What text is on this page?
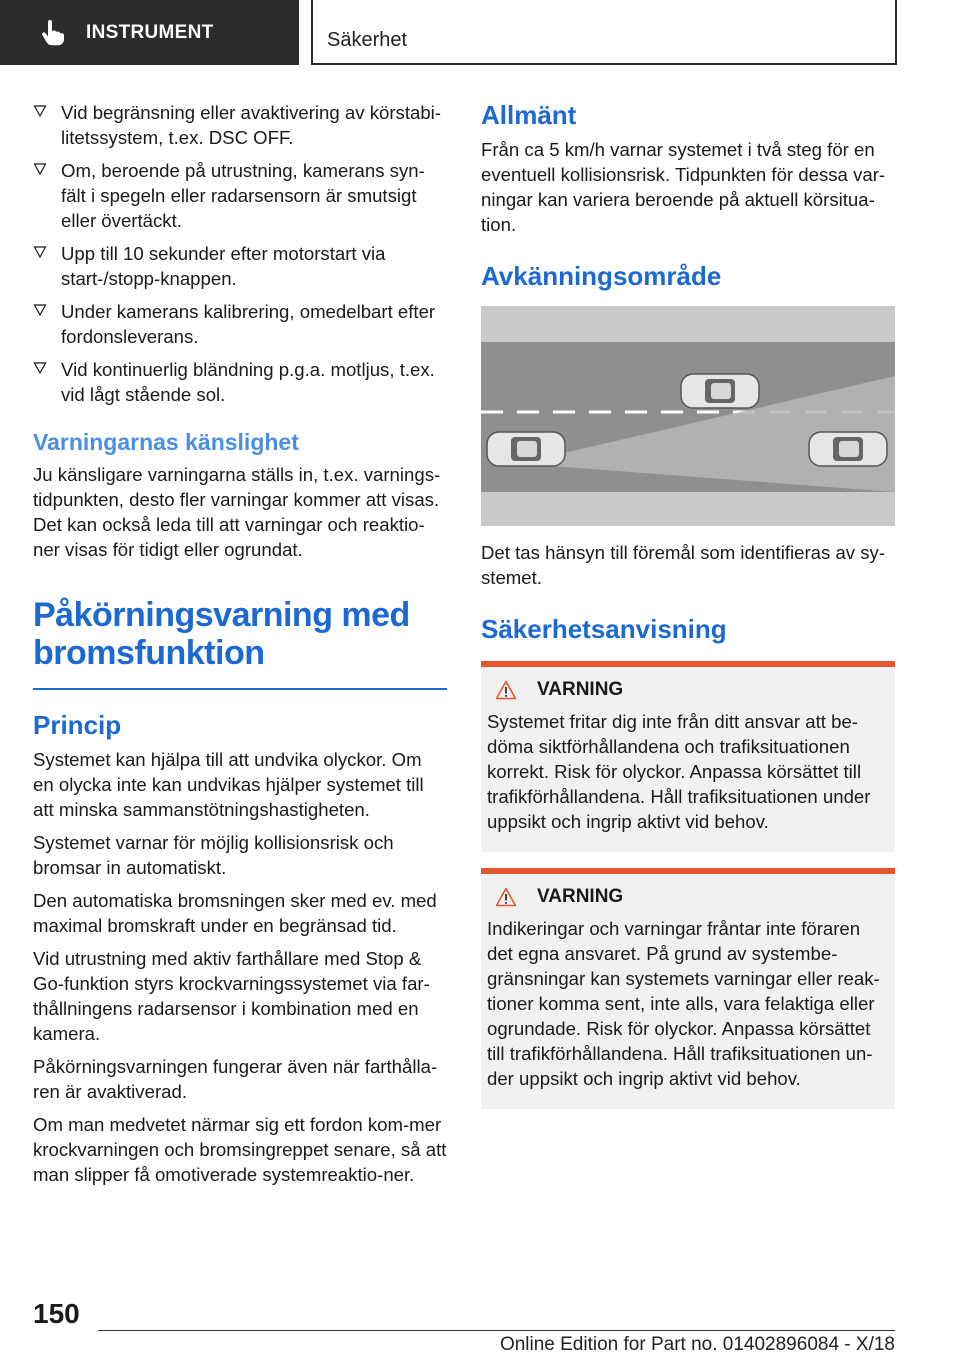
INSTRUMENT	Säkerhet
Vid begränsning eller avaktivering av körstabi-litetssystem, t.ex. DSC OFF.
Om, beroende på utrustning, kamerans syn-fält i spegeln eller radarsensorn är smutsigt eller övertäckt.
Upp till 10 sekunder efter motorstart via start-/stopp-knappen.
Under kamerans kalibrering, omedelbart efter fordonsleverans.
Vid kontinuerlig bländning p.g.a. motljus, t.ex. vid lågt stående sol.
Varningarnas känslighet
Ju känsligare varningarna ställs in, t.ex. varnings-tidpunkten, desto fler varningar kommer att visas. Det kan också leda till att varningar och reaktio-ner visas för tidigt eller ogrundat.
Påkörningsvarning med bromsfunktion
Princip
Systemet kan hjälpa till att undvika olyckor. Om en olycka inte kan undvikas hjälper systemet till att minska sammanstötningshastigheten.
Systemet varnar för möjlig kollisionsrisk och bromsar in automatiskt.
Den automatiska bromsningen sker med ev. med maximal bromskraft under en begränsad tid.
Vid utrustning med aktiv farthållare med Stop & Go-funktion styrs krockvarningssystemet via far-thållningens radarsensor i kombination med en kamera.
Påkörningsvarningen fungerar även när farthålla-ren är avaktiverad.
Om man medvetet närmar sig ett fordon kom-mer krockvarningen och bromsingreppet senare, så att man slipper få omotiverade systemreaktio-ner.
Allmänt
Från ca 5 km/h varnar systemet i två steg för en eventuell kollisionsrisk. Tidpunkten för dessa var-ningar kan variera beroende på aktuell körsitua-tion.
Avkänningsområde
Det tas hänsyn till föremål som identifieras av sy-stemet.
Säkerhetsanvisning
VARNING
Systemet fritar dig inte från ditt ansvar att be-döma siktförhållandena och trafiksituationen korrekt. Risk för olyckor. Anpassa körsättet till trafikförhållandena. Håll trafiksituationen under uppsikt och ingrip aktivt vid behov.
VARNING
Indikeringar och varningar fråntar inte föraren det egna ansvaret. På grund av systembe-gränsningar kan systemets varningar eller reak-tioner komma sent, inte alls, vara felaktiga eller ogrundade. Risk för olyckor. Anpassa körsättet till trafikförhållandena. Håll trafiksituationen un-der uppsikt och ingrip aktivt vid behov.
150
Online Edition for Part no. 01402896084 - X/18
